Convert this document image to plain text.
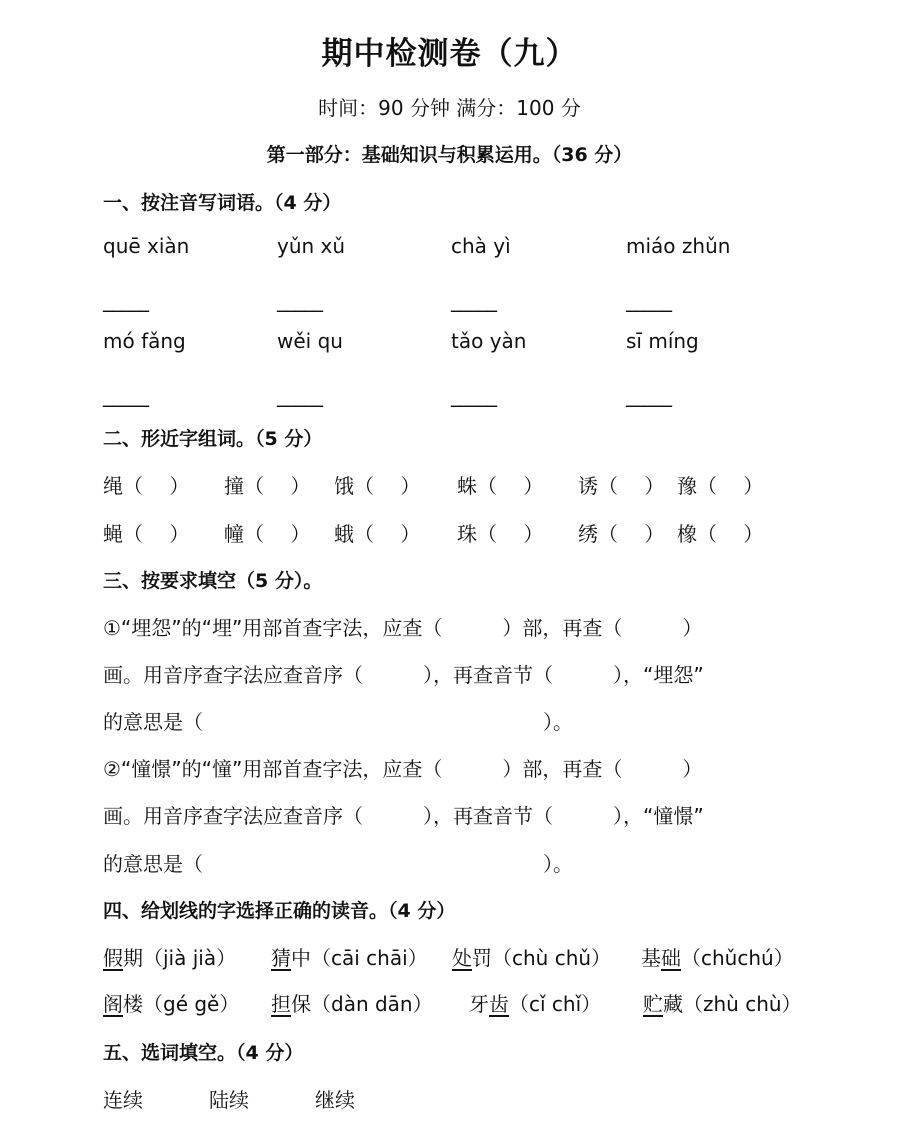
期中检测卷（九）
时间：90 分钟 满分：100 分
第一部分：基础知识与积累运用。（36 分）
一、按注音写词语。（4 分）
quē xiàn	yǔn xǔ	chà yì	miáo zhǔn
_____	_____	_____	_____
mó fǎng	wěi qu	tǎo yàn	sī míng
_____	_____	_____	_____
二、形近字组词。（5 分）
绳（　 ） 撞（　 ） 饿（　 ） 蛛（　 ） 诱（　 ） 豫（　 ）
蝇（　 ） 幢（　 ） 蛾（　 ） 珠（　 ） 绣（　 ） 橡（　 ）
三、按要求填空（5 分）。
①“埋怨”的“埋”用部首查字法，应查（　　　）部，再查（　　　）
画。用音序查字法应查音序（　　　），再查音节（　　　），“埋怨”
的意思是（　　　　　　　　　　　　　　　　　）。
②“憧憬”的“憧”用部首查字法，应查（　　　）部，再查（　　　）
画。用音序查字法应查音序（　　　），再查音节（　　　），“憧憬”
的意思是（　　　　　　　　　　　　　　　　　）。
四、给划线的字选择正确的读音。（4 分）
假期（jià jià） 猜中（cāi chāi） 处罚（chù chǔ） 基础（chǔchú）
阁楼（gé gě） 担保（dàn dān） 牙齿（cǐ chǐ） 贮藏（zhù chù）
五、选词填空。（4 分）
连续	陆续	继续
